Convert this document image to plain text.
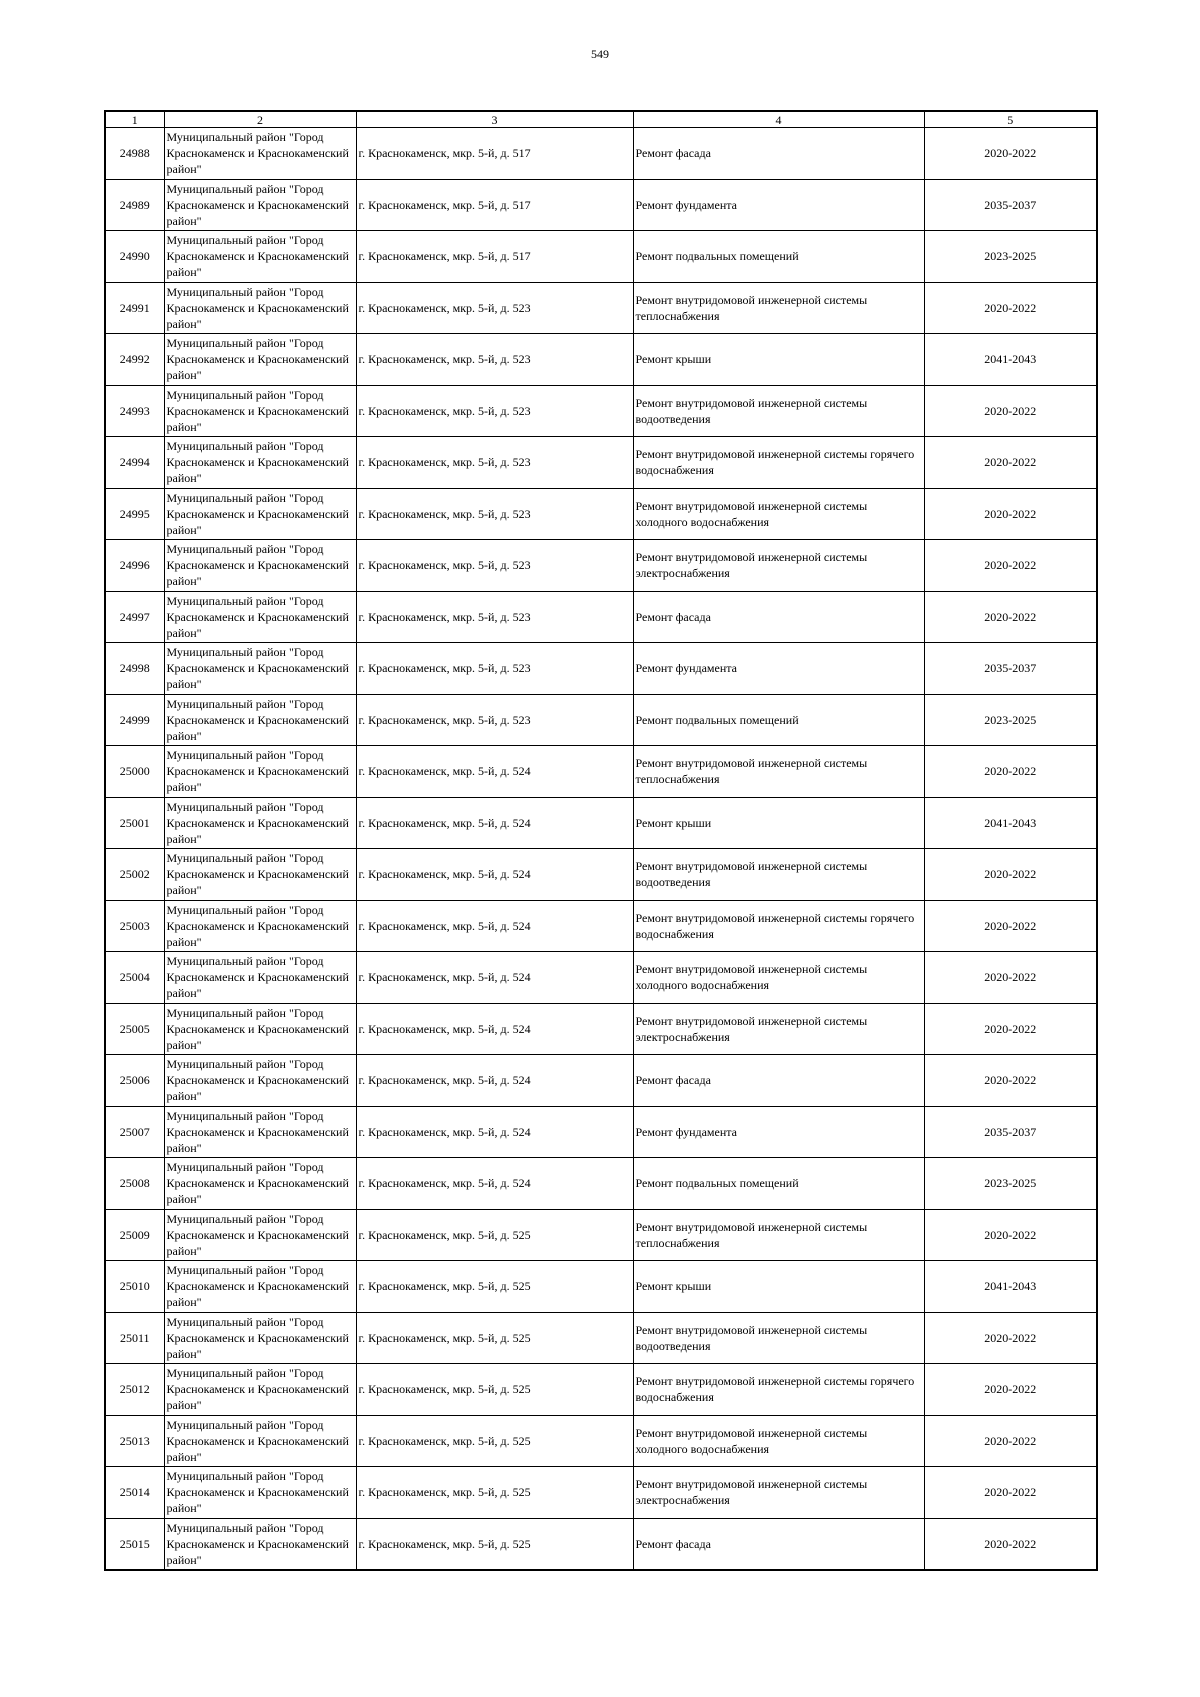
549
1	2	3	4	5
24988	Муниципальный район "Город Краснокаменск и Краснокаменский район"	г. Краснокаменск, мкр. 5-й, д. 517	Ремонт фасада	2020-2022
24989	Муниципальный район "Город Краснокаменск и Краснокаменский район"	г. Краснокаменск, мкр. 5-й, д. 517	Ремонт фундамента	2035-2037
24990	Муниципальный район "Город Краснокаменск и Краснокаменский район"	г. Краснокаменск, мкр. 5-й, д. 517	Ремонт подвальных помещений	2023-2025
24991	Муниципальный район "Город Краснокаменск и Краснокаменский район"	г. Краснокаменск, мкр. 5-й, д. 523	Ремонт внутридомовой инженерной системы теплоснабжения	2020-2022
24992	Муниципальный район "Город Краснокаменск и Краснокаменский район"	г. Краснокаменск, мкр. 5-й, д. 523	Ремонт крыши	2041-2043
24993	Муниципальный район "Город Краснокаменск и Краснокаменский район"	г. Краснокаменск, мкр. 5-й, д. 523	Ремонт внутридомовой инженерной системы водоотведения	2020-2022
24994	Муниципальный район "Город Краснокаменск и Краснокаменский район"	г. Краснокаменск, мкр. 5-й, д. 523	Ремонт внутридомовой инженерной системы горячего водоснабжения	2020-2022
24995	Муниципальный район "Город Краснокаменск и Краснокаменский район"	г. Краснокаменск, мкр. 5-й, д. 523	Ремонт внутридомовой инженерной системы холодного водоснабжения	2020-2022
24996	Муниципальный район "Город Краснокаменск и Краснокаменский район"	г. Краснокаменск, мкр. 5-й, д. 523	Ремонт внутридомовой инженерной системы электроснабжения	2020-2022
24997	Муниципальный район "Город Краснокаменск и Краснокаменский район"	г. Краснокаменск, мкр. 5-й, д. 523	Ремонт фасада	2020-2022
24998	Муниципальный район "Город Краснокаменск и Краснокаменский район"	г. Краснокаменск, мкр. 5-й, д. 523	Ремонт фундамента	2035-2037
24999	Муниципальный район "Город Краснокаменск и Краснокаменский район"	г. Краснокаменск, мкр. 5-й, д. 523	Ремонт подвальных помещений	2023-2025
25000	Муниципальный район "Город Краснокаменск и Краснокаменский район"	г. Краснокаменск, мкр. 5-й, д. 524	Ремонт внутридомовой инженерной системы теплоснабжения	2020-2022
25001	Муниципальный район "Город Краснокаменск и Краснокаменский район"	г. Краснокаменск, мкр. 5-й, д. 524	Ремонт крыши	2041-2043
25002	Муниципальный район "Город Краснокаменск и Краснокаменский район"	г. Краснокаменск, мкр. 5-й, д. 524	Ремонт внутридомовой инженерной системы водоотведения	2020-2022
25003	Муниципальный район "Город Краснокаменск и Краснокаменский район"	г. Краснокаменск, мкр. 5-й, д. 524	Ремонт внутридомовой инженерной системы горячего водоснабжения	2020-2022
25004	Муниципальный район "Город Краснокаменск и Краснокаменский район"	г. Краснокаменск, мкр. 5-й, д. 524	Ремонт внутридомовой инженерной системы холодного водоснабжения	2020-2022
25005	Муниципальный район "Город Краснокаменск и Краснокаменский район"	г. Краснокаменск, мкр. 5-й, д. 524	Ремонт внутридомовой инженерной системы электроснабжения	2020-2022
25006	Муниципальный район "Город Краснокаменск и Краснокаменский район"	г. Краснокаменск, мкр. 5-й, д. 524	Ремонт фасада	2020-2022
25007	Муниципальный район "Город Краснокаменск и Краснокаменский район"	г. Краснокаменск, мкр. 5-й, д. 524	Ремонт фундамента	2035-2037
25008	Муниципальный район "Город Краснокаменск и Краснокаменский район"	г. Краснокаменск, мкр. 5-й, д. 524	Ремонт подвальных помещений	2023-2025
25009	Муниципальный район "Город Краснокаменск и Краснокаменский район"	г. Краснокаменск, мкр. 5-й, д. 525	Ремонт внутридомовой инженерной системы теплоснабжения	2020-2022
25010	Муниципальный район "Город Краснокаменск и Краснокаменский район"	г. Краснокаменск, мкр. 5-й, д. 525	Ремонт крыши	2041-2043
25011	Муниципальный район "Город Краснокаменск и Краснокаменский район"	г. Краснокаменск, мкр. 5-й, д. 525	Ремонт внутридомовой инженерной системы водоотведения	2020-2022
25012	Муниципальный район "Город Краснокаменск и Краснокаменский район"	г. Краснокаменск, мкр. 5-й, д. 525	Ремонт внутридомовой инженерной системы горячего водоснабжения	2020-2022
25013	Муниципальный район "Город Краснокаменск и Краснокаменский район"	г. Краснокаменск, мкр. 5-й, д. 525	Ремонт внутридомовой инженерной системы холодного водоснабжения	2020-2022
25014	Муниципальный район "Город Краснокаменск и Краснокаменский район"	г. Краснокаменск, мкр. 5-й, д. 525	Ремонт внутридомовой инженерной системы электроснабжения	2020-2022
25015	Муниципальный район "Город Краснокаменск и Краснокаменский район"	г. Краснокаменск, мкр. 5-й, д. 525	Ремонт фасада	2020-2022
